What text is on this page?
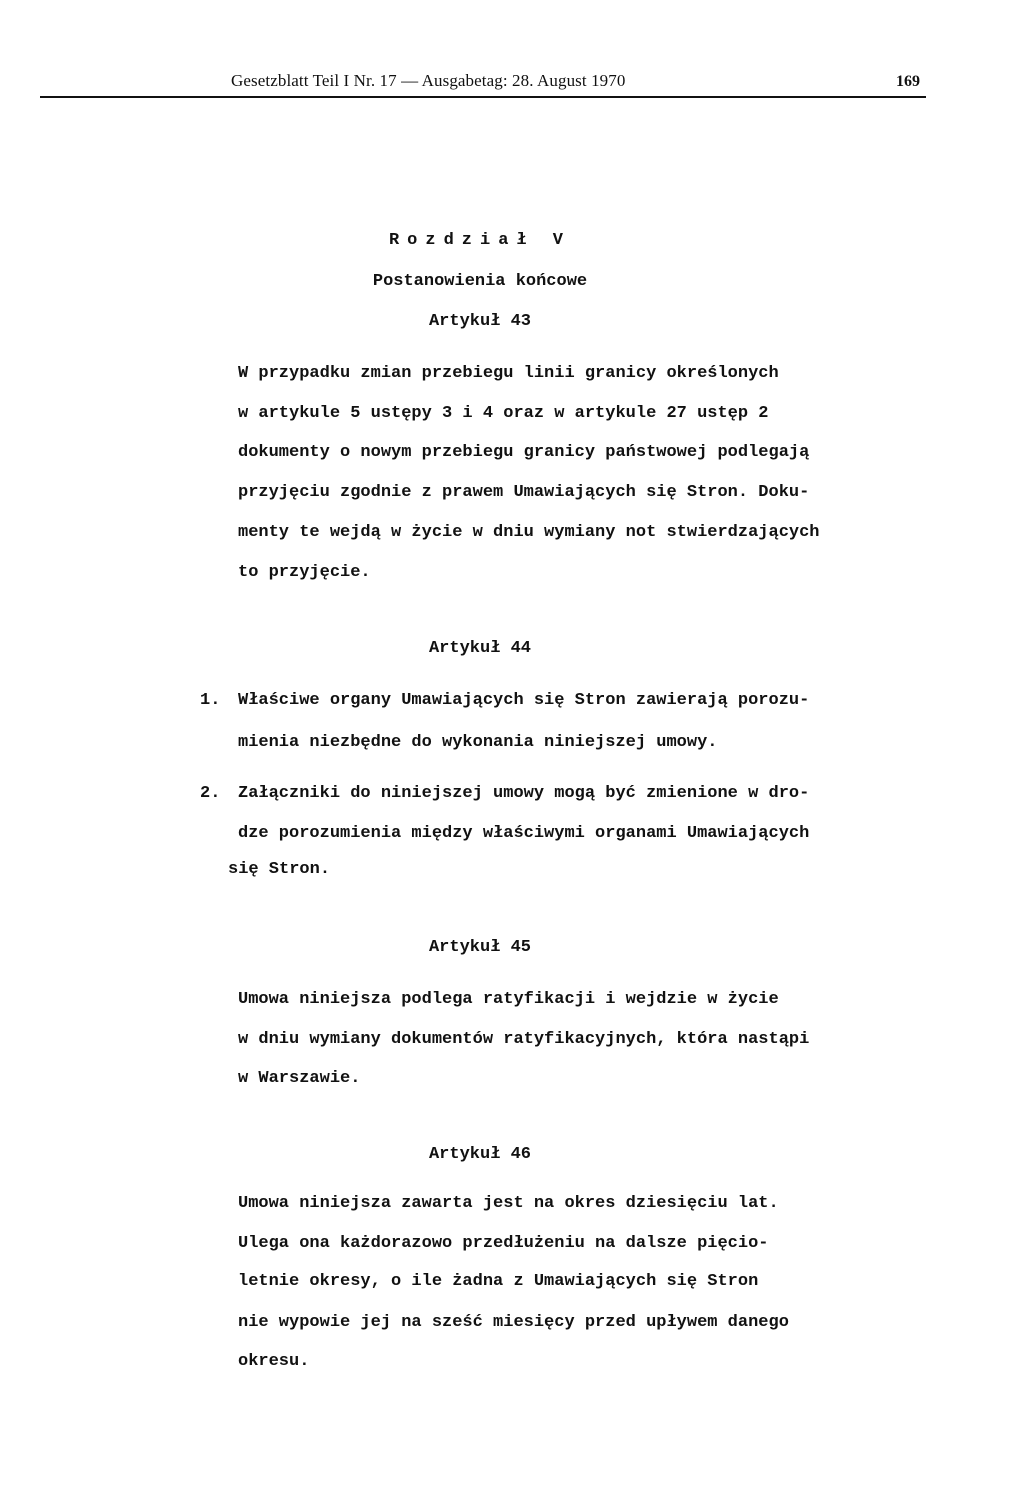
Gesetzblatt Teil I Nr. 17 — Ausgabetag: 28. August 1970	169
Rozdział V
Postanowienia końcowe
Artykuł 43
W przypadku zmian przebiegu linii granicy określonych
w artykule 5 ustępy 3 i 4 oraz w artykule 27 ustęp 2
dokumenty o nowym przebiegu granicy państwowej podlegają
przyjęciu zgodnie z prawem Umawiających się Stron. Doku-
menty te wejdą w życie w dniu wymiany not stwierdzających
to przyjęcie.
Artykuł 44
1. Właściwe organy Umawiających się Stron zawierają porozu-
mienia niezbędne do wykonania niniejszej umowy.
2. Załączniki do niniejszej umowy mogą być zmienione w dro-
dze porozumienia między właściwymi organami Umawiających
się Stron.
Artykuł 45
Umowa niniejsza podlega ratyfikacji i wejdzie w życie
w dniu wymiany dokumentów ratyfikacyjnych, która nastąpi
w Warszawie.
Artykuł 46
Umowa niniejsza zawarta jest na okres dziesięciu lat.
Ulega ona każdorazowo przedłużeniu na dalsze pięcio-
letnie okresy, o ile żadna z Umawiających się Stron
nie wypowie jej na sześć miesięcy przed upływem danego
okresu.
